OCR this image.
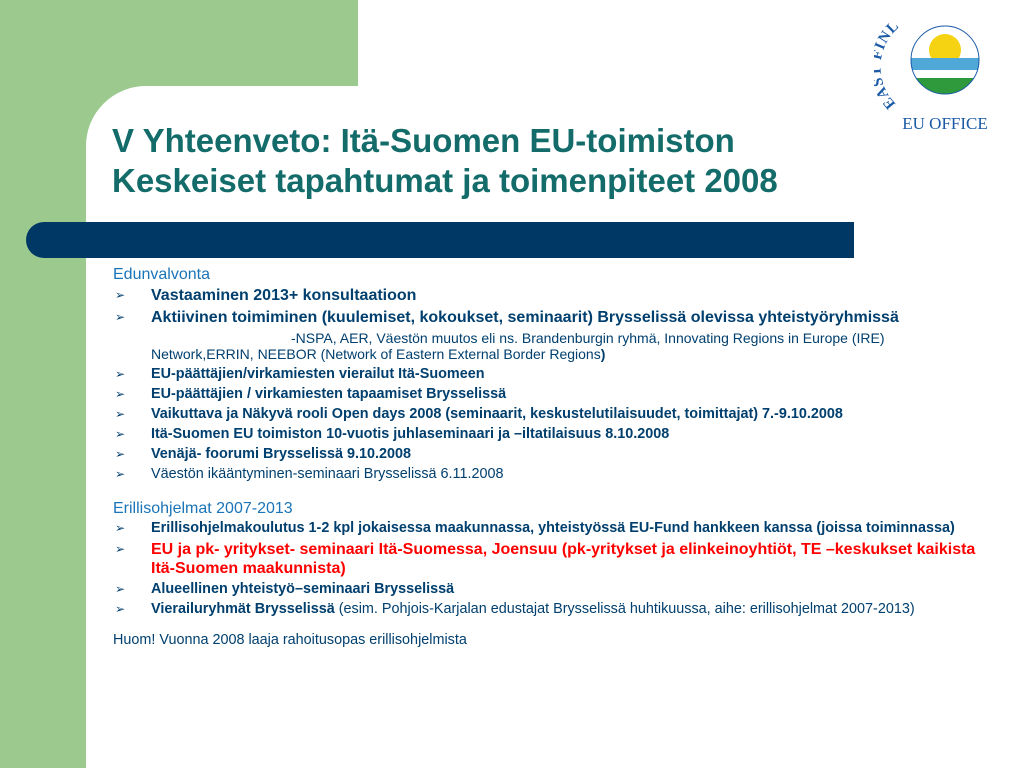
EA NL
EU OFFICE
V Yhteenveto: Itä-Suomen EU-toimiston
Keskeiset tapahtumat ja toimenpiteet 2008
Edunvalvonta
➢ Vastaaminen 2013+ konsultaatioon
➢ Aktiivinen toimiminen (kuulemiset, kokoukset, seminaarit) Brysselissä olevissa yhteistyöryhmissä
-NSPA, AER, Väestön muutos eli ns. Brandenburgin ryhmä, Innovating Regions in Europe (IRE)
Network,ERRIN, NEEBOR (Network of Eastern External Border Regions)
➢ EU-päättäjien/virkamiesten vierailut Itä-Suomeen
➢ EU-päättäjien / virkamiesten tapaamiset Brysselissä
➢ Vaikuttava ja Näkyvä rooli Open days 2008 (seminaarit, keskustelutilaisuudet, toimittajat) 7.-9.10.2008
➢ Itä-Suomen EU toimiston 10-vuotis juhlaseminaari ja –iltatilaisuus 8.10.2008
➢ Venäjä- foorumi Brysselissä 9.10.2008
➢ Väestön ikääntyminen-seminaari Brysselissä 6.11.2008
Erillisohjelmat 2007-2013
➢ Erillisohjelmakoulutus 1-2 kpl jokaisessa maakunnassa, yhteistyössä EU-Fund hankkeen kanssa (joissa toiminnassa)
➢ EU ja pk- yritykset- seminaari Itä-Suomessa, Joensuu (pk-yritykset ja elinkeinoyhtiöt, TE –keskukset kaikista Itä-Suomen maakunnista)
➢ Alueellinen yhteistyö–seminaari Brysselissä
➢ Vierailuryhmät Brysselissä (esim. Pohjois-Karjalan edustajat Brysselissä huhtikuussa, aihe: erillisohjelmat 2007-2013)
Huom! Vuonna 2008 laaja rahoitusopas erillisohjelmista
